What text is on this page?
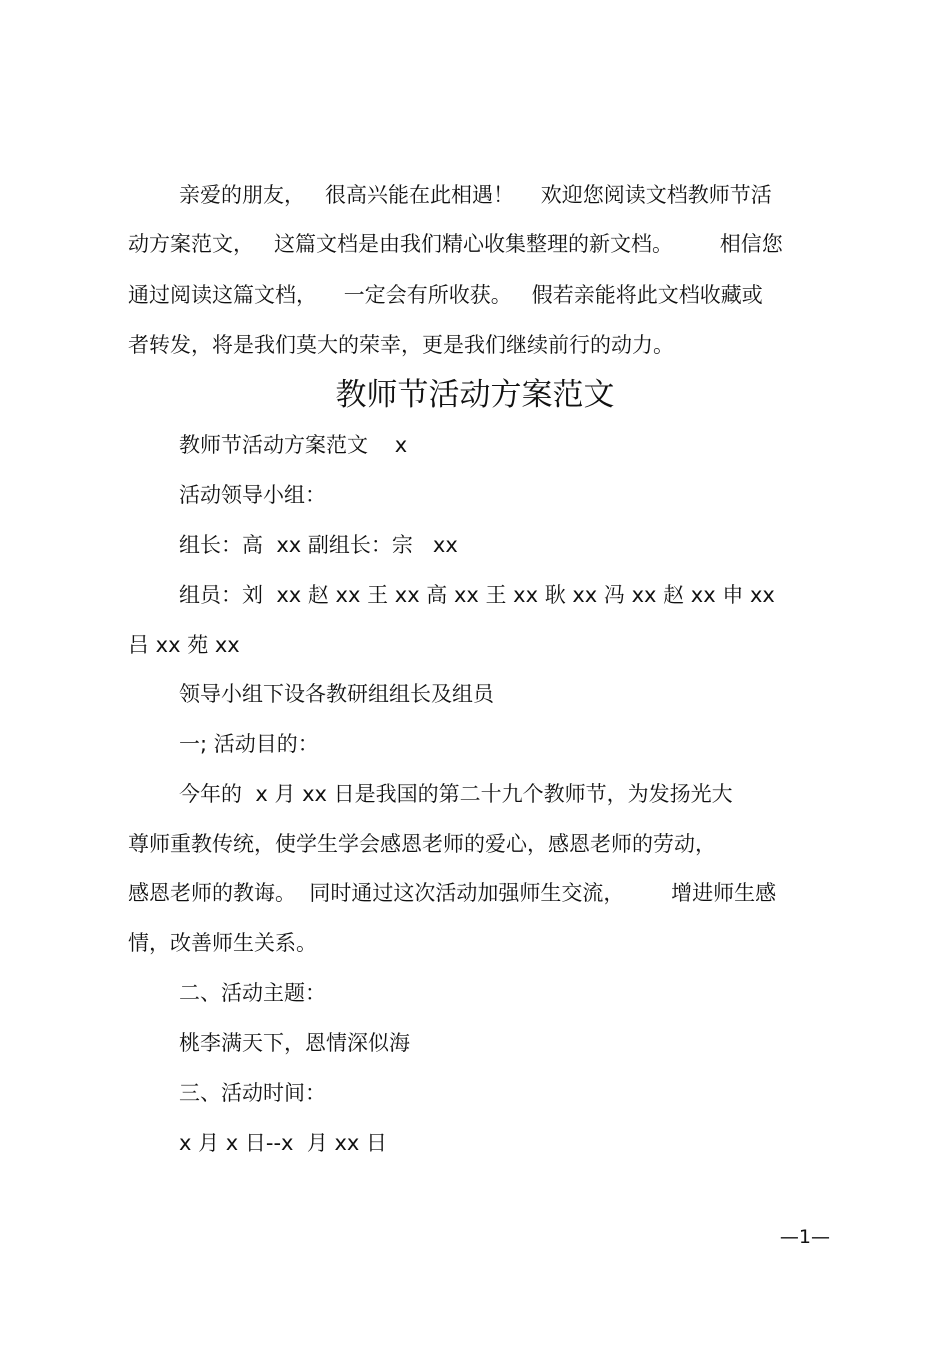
亲爱的朋友，   很高兴能在此相遇！    欢迎您阅读文档教师节活
动方案范文，   这篇文档是由我们精心收集整理的新文档。       相信您
通过阅读这篇文档，    一定会有所收获。   假若亲能将此文档收藏或
者转发，将是我们莫大的荣幸，更是我们继续前行的动力。
教师节活动方案范文
教师节活动方案范文    x
活动领导小组：
组长：高  xx 副组长：宗   xx
组员：刘  xx 赵 xx 王 xx 高 xx 王 xx 耿 xx 冯 xx 赵 xx 申 xx
吕 xx 苑 xx
领导小组下设各教研组组长及组员
一; 活动目的：
今年的  x 月 xx 日是我国的第二十九个教师节，为发扬光大
尊师重教传统，使学生学会感恩老师的爱心，感恩老师的劳动，
感恩老师的教诲。  同时通过这次活动加强师生交流，       增进师生感
情，改善师生关系。
二、活动主题：
桃李满天下，恩情深似海
三、活动时间：
x 月 x 日--x  月 xx 日
—1—
